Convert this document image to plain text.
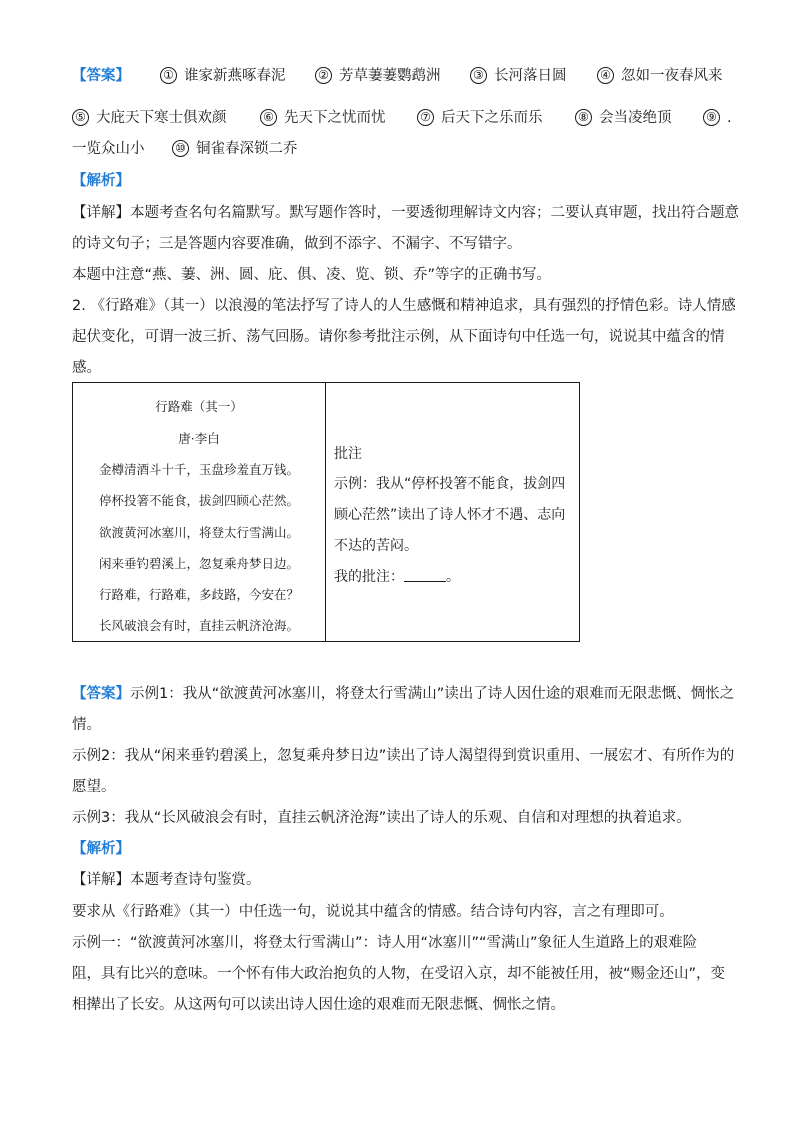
【答案】	① 谁家新燕啄春泥	② 芳草萋萋鹦鹉洲	③ 长河落日圆	④ 忽如一夜春风来
⑤ 大庇天下寒士俱欢颜	⑥ 先天下之忧而忧	⑦ 后天下之乐而乐	⑧ 会当凌绝顶	⑨ .
一览众山小	⑩ 铜雀春深锁二乔
【解析】
【详解】本题考查名句名篇默写。默写题作答时，一要透彻理解诗文内容；二要认真审题，找出符合题意
的诗文句子；三是答题内容要准确，做到不添字、不漏字、不写错字。
本题中注意“燕、萋、洲、圆、庇、俱、凌、览、锁、乔”等字的正确书写。
2. 《行路难》（其一）以浪漫的笔法抒写了诗人的人生感慨和精神追求，具有强烈的抒情色彩。诗人情感
起伏变化，可谓一波三折、荡气回肠。请你参考批注示例，从下面诗句中任选一句，说说其中蕴含的情
感。
行路难（其一）
唐·李白
金樽清酒斗十千，玉盘珍羞直万钱。
停杯投箸不能食，拔剑四顾心茫然。
欲渡黄河冰塞川，将登太行雪满山。
闲来垂钓碧溪上，忽复乘舟梦日边。
行路难，行路难，多歧路，今安在？
长风破浪会有时，直挂云帆济沧海。
批注
示例：我从“停杯投箸不能食，拔剑四
顾心茫然”读出了诗人怀才不遇、志向
不达的苦闷。
我的批注：	。
【答案】示例1：我从“欲渡黄河冰塞川，将登太行雪满山”读出了诗人因仕途的艰难而无限悲慨、惆怅之
情。
示例2：我从“闲来垂钓碧溪上，忽复乘舟梦日边”读出了诗人渴望得到赏识重用、一展宏才、有所作为的
愿望。
示例3：我从“长风破浪会有时，直挂云帆济沧海”读出了诗人的乐观、自信和对理想的执着追求。
【解析】
【详解】本题考查诗句鉴赏。
要求从《行路难》（其一）中任选一句，说说其中蕴含的情感。结合诗句内容，言之有理即可。
示例一：“欲渡黄河冰塞川，将登太行雪满山”：诗人用“冰塞川”“雪满山”象征人生道路上的艰难险
阻，具有比兴的意味。一个怀有伟大政治抱负的人物，在受诏入京，却不能被任用，被“赐金还山”，变
相撵出了长安。从这两句可以读出诗人因仕途的艰难而无限悲慨、惆怅之情。
